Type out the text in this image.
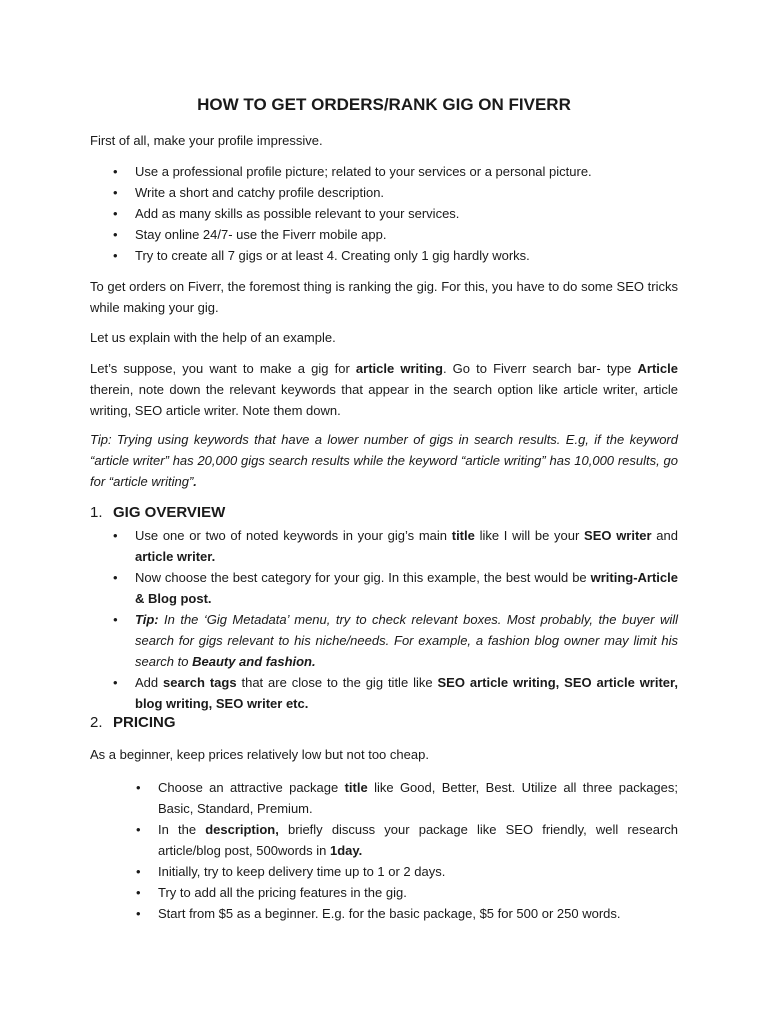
HOW TO GET ORDERS/RANK GIG ON FIVERR

First of all, make your profile impressive.

• Use a professional profile picture; related to your services or a personal picture.
• Write a short and catchy profile description.
• Add as many skills as possible relevant to your services.
• Stay online 24/7- use the Fiverr mobile app.
• Try to create all 7 gigs or at least 4. Creating only 1 gig hardly works.

To get orders on Fiverr, the foremost thing is ranking the gig. For this, you have to do some SEO tricks while making your gig.

Let us explain with the help of an example.

Let’s suppose, you want to make a gig for article writing. Go to Fiverr search bar- type Article therein, note down the relevant keywords that appear in the search option like article writer, article writing, SEO article writer. Note them down.

Tip: Trying using keywords that have a lower number of gigs in search results. E.g, if the keyword “article writer” has 20,000 gigs search results while the keyword “article writing” has 10,000 results, go for “article writing”.

1. GIG OVERVIEW
• Use one or two of noted keywords in your gig’s main title like I will be your SEO writer and article writer.
• Now choose the best category for your gig. In this example, the best would be writing-Article & Blog post.
• Tip: In the ‘Gig Metadata’ menu, try to check relevant boxes. Most probably, the buyer will search for gigs relevant to his niche/needs. For example, a fashion blog owner may limit his search to Beauty and fashion.
• Add search tags that are close to the gig title like SEO article writing, SEO article writer, blog writing, SEO writer etc.
2. PRICING

As a beginner, keep prices relatively low but not too cheap.

• Choose an attractive package title like Good, Better, Best. Utilize all three packages; Basic, Standard, Premium.
• In the description, briefly discuss your package like SEO friendly, well research article/blog post, 500words in 1day.
• Initially, try to keep delivery time up to 1 or 2 days.
• Try to add all the pricing features in the gig.
• Start from $5 as a beginner. E.g. for the basic package, $5 for 500 or 250 words.
